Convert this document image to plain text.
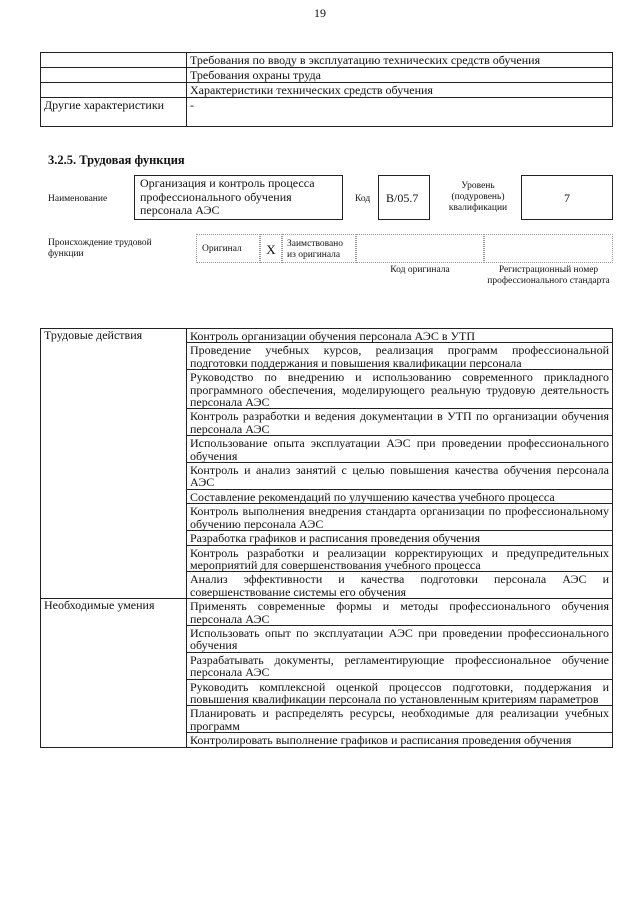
19
	Требования по вводу в эксплуатацию технических средств обучения
	Требования охраны труда
	Характеристики технических средств обучения
Другие характеристики	-
3.2.5. Трудовая функция
Наименование
Организация и контроль процесса профессионального обучения персонала АЭС
Код B/05.7
Уровень (подуровень) квалификации
7
Происхождение трудовой функции	Оригинал	X	Заимствовано из оригинала
Код оригинала	Регистрационный номер профессионального стандарта
Трудовые действия	Контроль организации обучения персонала АЭС в УТП
	Проведение учебных курсов, реализация программ профессиональной подготовки поддержания и повышения квалификации персонала
	Руководство по внедрению и использованию современного прикладного программного обеспечения, моделирующего реальную трудовую деятельность персонала АЭС
	Контроль разработки и ведения документации в УТП по организации обучения персонала АЭС
	Использование опыта эксплуатации АЭС при проведении профессионального обучения
	Контроль и анализ занятий с целью повышения качества обучения персонала АЭС
	Составление рекомендаций по улучшению качества учебного процесса
	Контроль выполнения внедрения стандарта организации по профессиональному обучению персонала АЭС
	Разработка графиков и расписания проведения обучения
	Контроль разработки и реализации корректирующих и предупредительных мероприятий для совершенствования учебного процесса
	Анализ эффективности и качества подготовки персонала АЭС и совершенствование системы его обучения
Необходимые умения	Применять современные формы и методы профессионального обучения персонала АЭС
	Использовать опыт по эксплуатации АЭС при проведении профессионального обучения
	Разрабатывать документы, регламентирующие профессиональное обучение персонала АЭС
	Руководить комплексной оценкой процессов подготовки, поддержания и повышения квалификации персонала по установленным критериям параметров
	Планировать и распределять ресурсы, необходимые для реализации учебных программ
	Контролировать выполнение графиков и расписания проведения обучения
